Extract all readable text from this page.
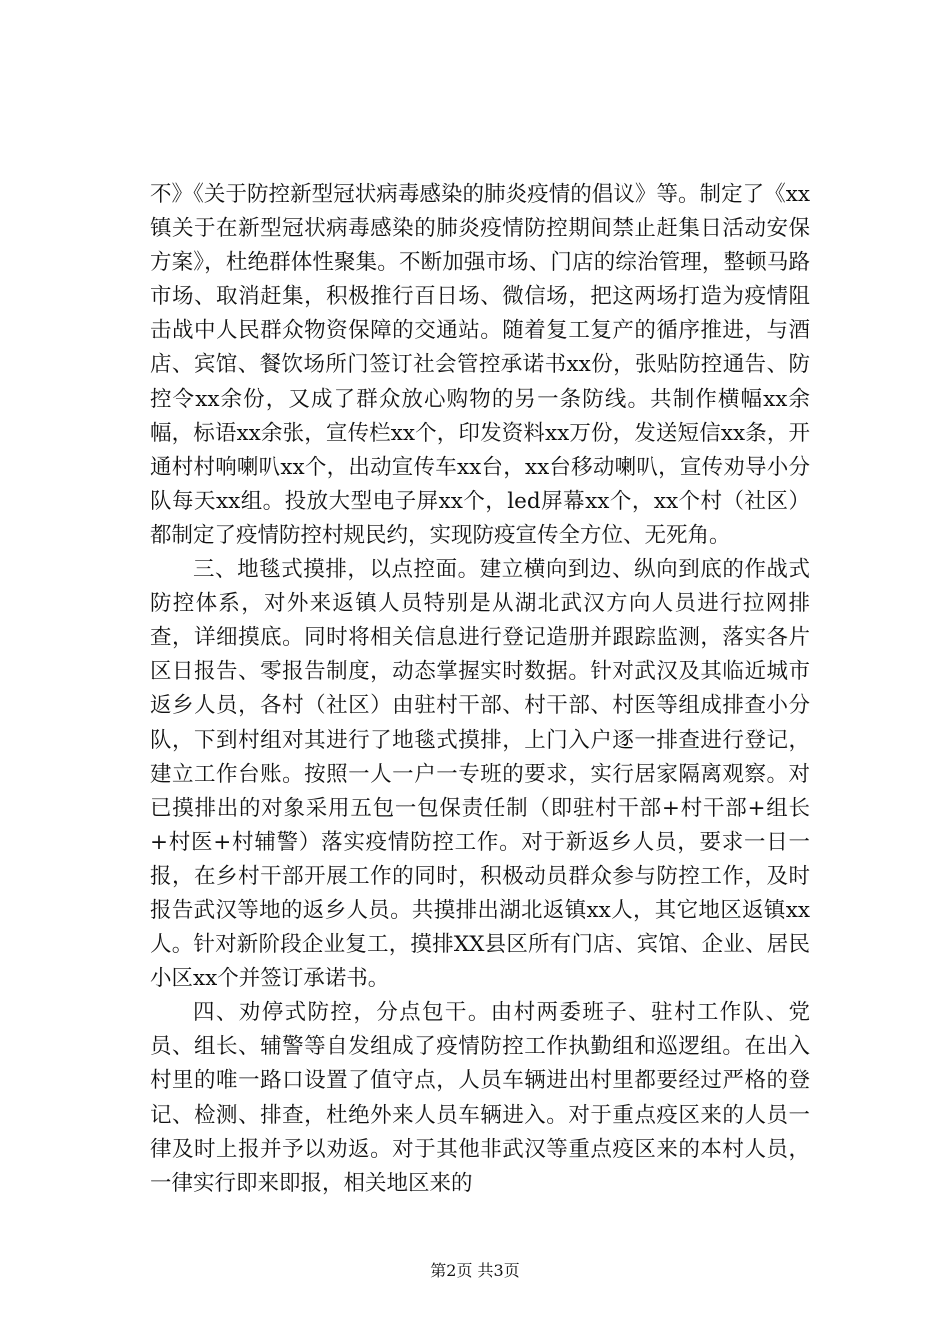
不》《关于防控新型冠状病毒感染的肺炎疫情的倡议》等。制定了《xx镇关于在新型冠状病毒感染的肺炎疫情防控期间禁止赶集日活动安保方案》，杜绝群体性聚集。不断加强市场、门店的综治管理，整顿马路市场、取消赶集，积极推行百日场、微信场，把这两场打造为疫情阻击战中人民群众物资保障的交通站。随着复工复产的循序推进，与酒店、宾馆、餐饮场所门签订社会管控承诺书xx份，张贴防控通告、防控令xx余份，又成了群众放心购物的另一条防线。共制作横幅xx余幅，标语xx余张，宣传栏xx个，印发资料xx万份，发送短信xx条，开通村村响喇叭xx个，出动宣传车xx台，xx台移动喇叭，宣传劝导小分队每天xx组。投放大型电子屏xx个，led屏幕xx个，xx个村（社区）都制定了疫情防控村规民约，实现防疫宣传全方位、无死角。

三、地毯式摸排，以点控面。建立横向到边、纵向到底的作战式防控体系，对外来返镇人员特别是从湖北武汉方向人员进行拉网排查，详细摸底。同时将相关信息进行登记造册并跟踪监测，落实各片区日报告、零报告制度，动态掌握实时数据。针对武汉及其临近城市返乡人员，各村（社区）由驻村干部、村干部、村医等组成排查小分队，下到村组对其进行了地毯式摸排，上门入户逐一排查进行登记，建立工作台账。按照一人一户一专班的要求，实行居家隔离观察。对已摸排出的对象采用五包一包保责任制（即驻村干部+村干部+组长+村医+村辅警）落实疫情防控工作。对于新返乡人员，要求一日一报，在乡村干部开展工作的同时，积极动员群众参与防控工作，及时报告武汉等地的返乡人员。共摸排出湖北返镇xx人，其它地区返镇xx人。针对新阶段企业复工，摸排XX县区所有门店、宾馆、企业、居民小区xx个并签订承诺书。

四、劝停式防控，分点包干。由村两委班子、驻村工作队、党员、组长、辅警等自发组成了疫情防控工作执勤组和巡逻组。在出入村里的唯一路口设置了值守点，人员车辆进出村里都要经过严格的登记、检测、排查，杜绝外来人员车辆进入。对于重点疫区来的人员一律及时上报并予以劝返。对于其他非武汉等重点疫区来的本村人员，一律实行即来即报，相关地区来的

第2页 共3页
